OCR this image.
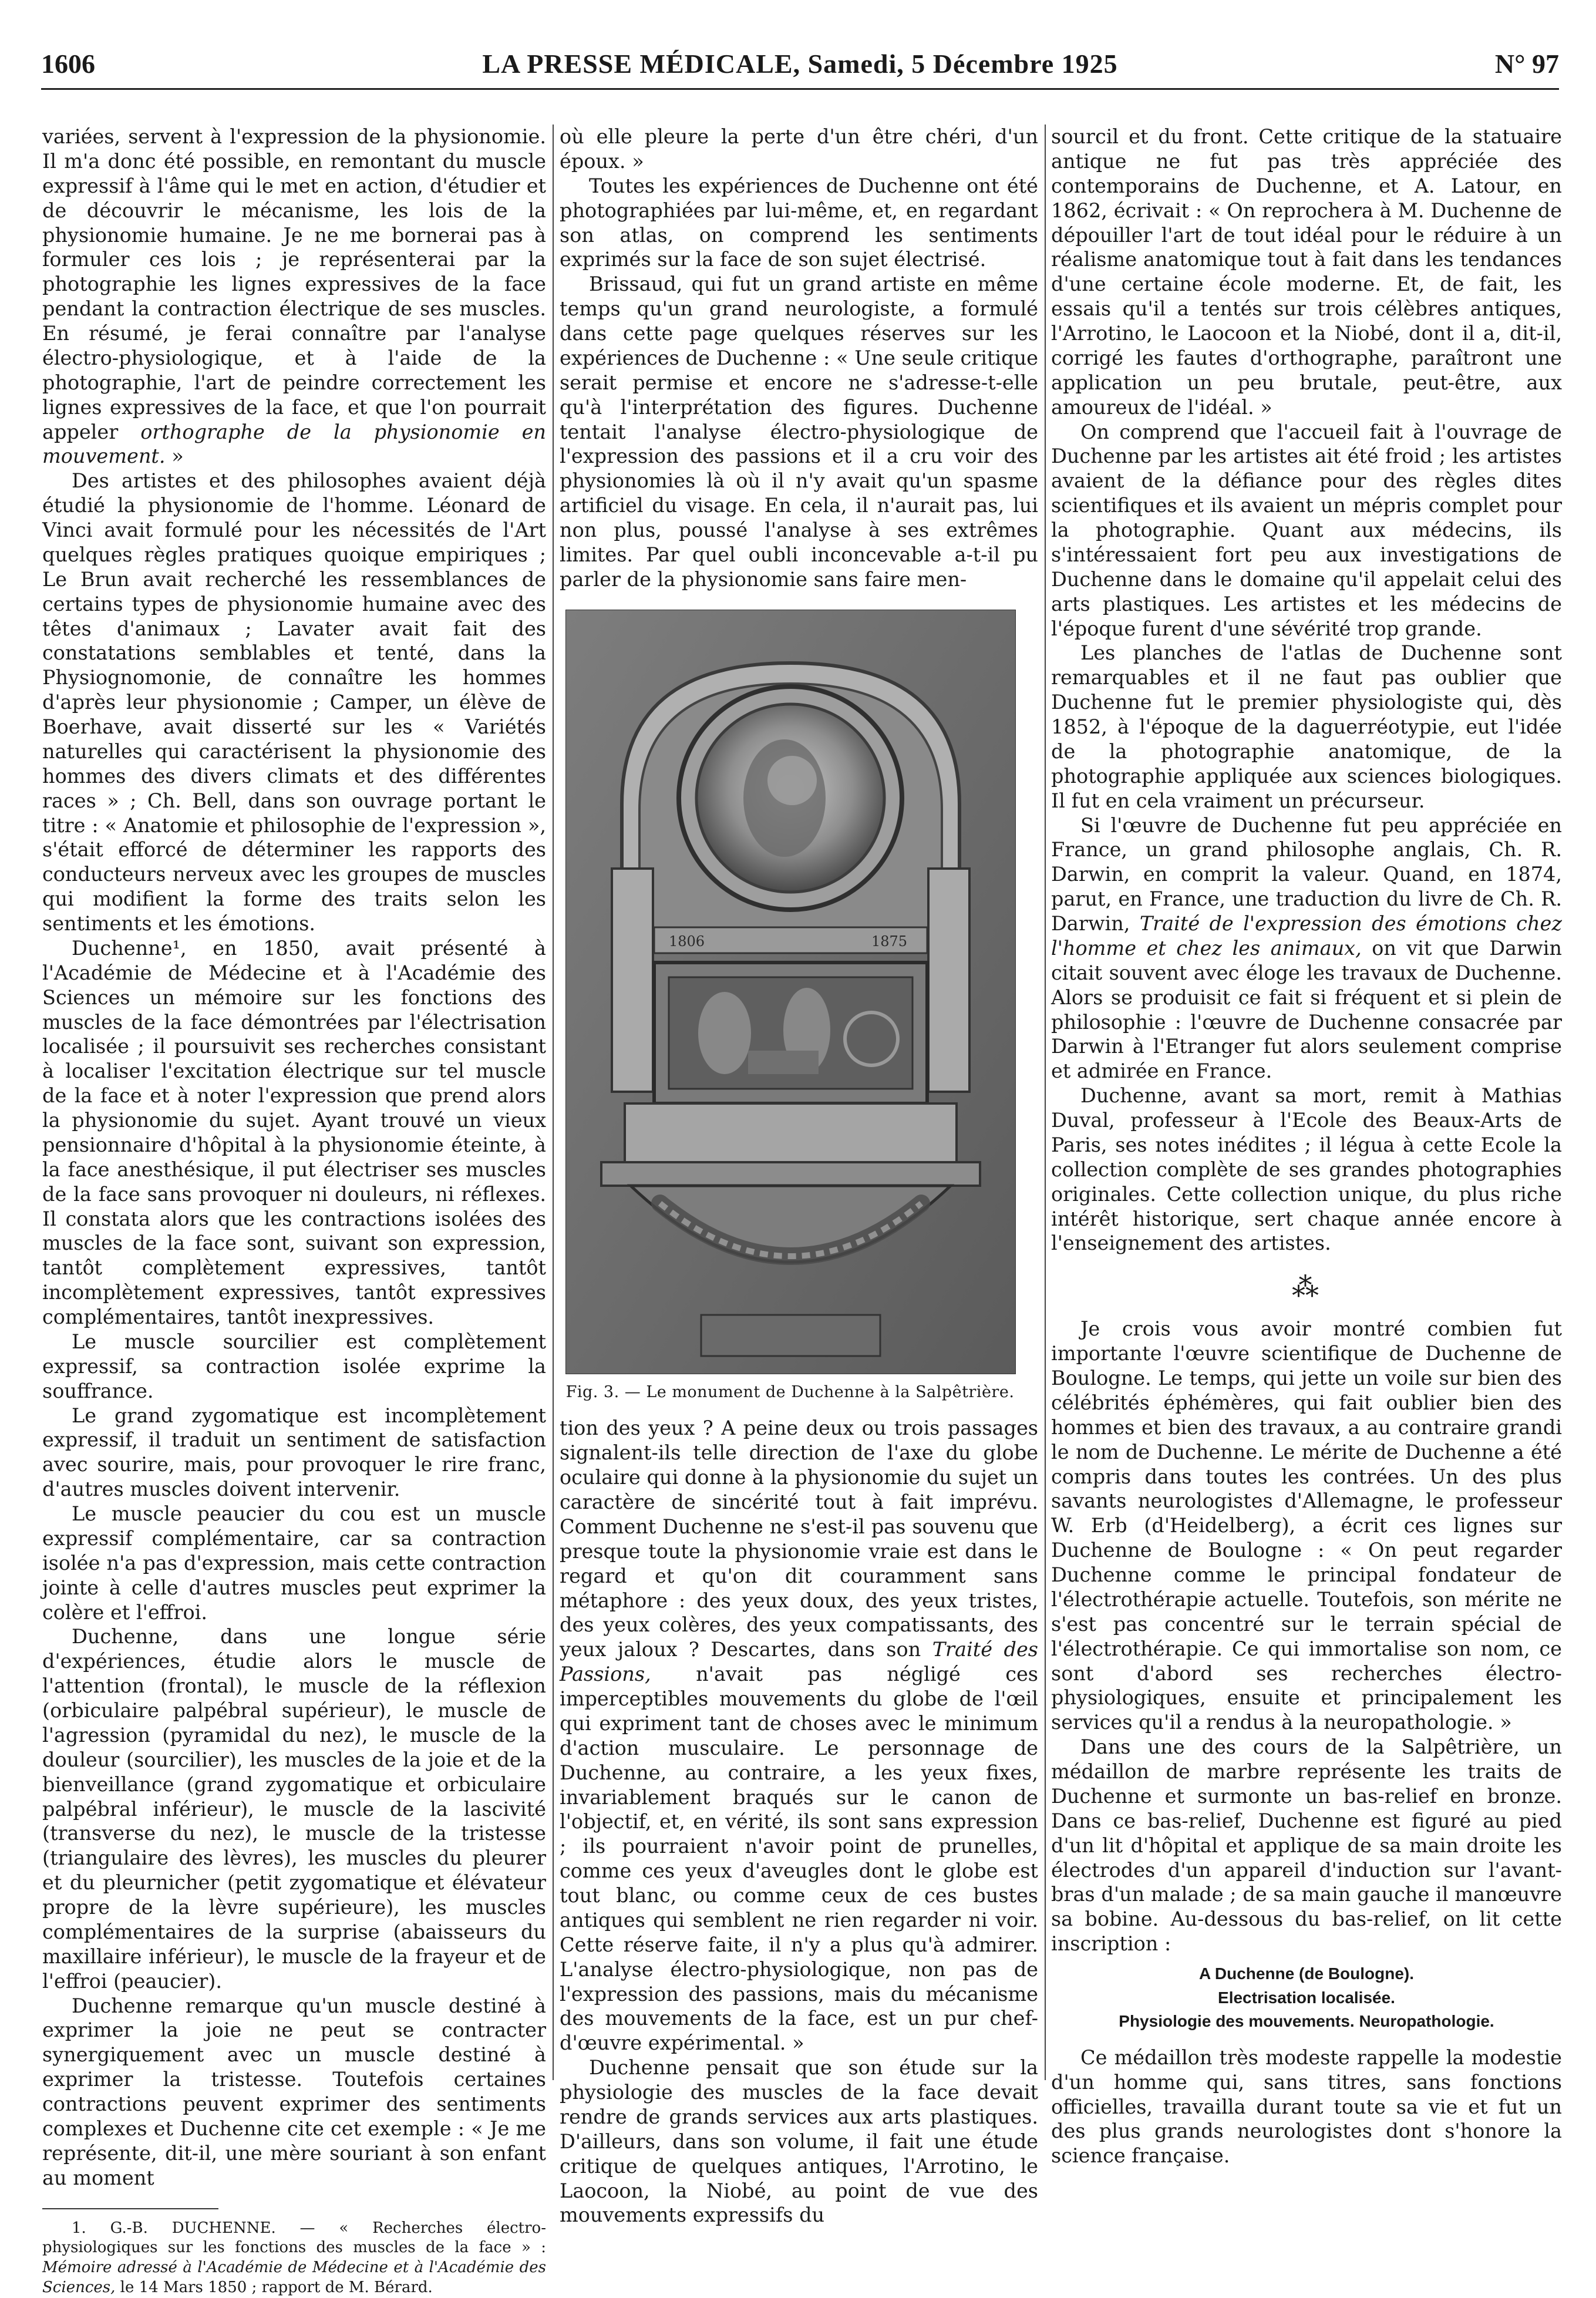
1606	LA PRESSE MÉDICALE, Samedi, 5 Décembre 1925	N° 97

variées, servent à l'expression de la physionomie. Il m'a donc été possible, en remontant du muscle expressif à l'âme qui le met en action, d'étudier et de découvrir le mécanisme, les lois de la physionomie humaine. Je ne me bornerai pas à formuler ces lois ; je représenterai par la photographie les lignes expressives de la face pendant la contraction électrique de ses muscles. En résumé, je ferai connaître par l'analyse électro-physiologique, et à l'aide de la photographie, l'art de peindre correctement les lignes expressives de la face, et que l'on pourrait appeler orthographe de la physionomie en mouvement. »

Des artistes et des philosophes avaient déjà étudié la physionomie de l'homme. Léonard de Vinci avait formulé pour les nécessités de l'Art quelques règles pratiques quoique empiriques ; Le Brun avait recherché les ressemblances de certains types de physionomie humaine avec des têtes d'animaux ; Lavater avait fait des constatations semblables et tenté, dans la Physiognomonie, de connaître les hommes d'après leur physionomie ; Camper, un élève de Boerhave, avait disserté sur les « Variétés naturelles qui caractérisent la physionomie des hommes des divers climats et des différentes races » ; Ch. Bell, dans son ouvrage portant le titre : « Anatomie et philosophie de l'expression », s'était efforcé de déterminer les rapports des conducteurs nerveux avec les groupes de muscles qui modifient la forme des traits selon les sentiments et les émotions.

Duchenne¹, en 1850, avait présenté à l'Académie de Médecine et à l'Académie des Sciences un mémoire sur les fonctions des muscles de la face démontrées par l'électrisation localisée ; il poursuivit ses recherches consistant à localiser l'excitation électrique sur tel muscle de la face et à noter l'expression que prend alors la physionomie du sujet. Ayant trouvé un vieux pensionnaire d'hôpital à la physionomie éteinte, à la face anesthésique, il put électriser ses muscles de la face sans provoquer ni douleurs, ni réflexes. Il constata alors que les contractions isolées des muscles de la face sont, suivant son expression, tantôt complètement expressives, tantôt incomplètement expressives, tantôt expressives complémentaires, tantôt inexpressives.

Le muscle sourcilier est complètement expressif, sa contraction isolée exprime la souffrance.

Le grand zygomatique est incomplètement expressif, il traduit un sentiment de satisfaction avec sourire, mais, pour provoquer le rire franc, d'autres muscles doivent intervenir.

Le muscle peaucier du cou est un muscle expressif complémentaire, car sa contraction isolée n'a pas d'expression, mais cette contraction jointe à celle d'autres muscles peut exprimer la colère et l'effroi.

Duchenne, dans une longue série d'expériences, étudie alors le muscle de l'attention (frontal), le muscle de la réflexion (orbiculaire palpébral supérieur), le muscle de l'agression (pyramidal du nez), le muscle de la douleur (sourcilier), les muscles de la joie et de la bienveillance (grand zygomatique et orbiculaire palpébral inférieur), le muscle de la lascivité (transverse du nez), le muscle de la tristesse (triangulaire des lèvres), les muscles du pleurer et du pleurnicher (petit zygomatique et élévateur propre de la lèvre supérieure), les muscles complémentaires de la surprise (abaisseurs du maxillaire inférieur), le muscle de la frayeur et de l'effroi (peaucier).

Duchenne remarque qu'un muscle destiné à exprimer la joie ne peut se contracter synergiquement avec un muscle destiné à exprimer la tristesse. Toutefois certaines contractions peuvent exprimer des sentiments complexes et Duchenne cite cet exemple : « Je me représente, dit-il, une mère souriant à son enfant au moment

1. G.-B. DUCHENNE. — « Recherches électro-physiologiques sur les fonctions des muscles de la face » : Mémoire adressé à l'Académie de Médecine et à l'Académie des Sciences, le 14 Mars 1850 ; rapport de M. Bérard.

où elle pleure la perte d'un être chéri, d'un époux. »

Toutes les expériences de Duchenne ont été photographiées par lui-même, et, en regardant son atlas, on comprend les sentiments exprimés sur la face de son sujet électrisé.

Brissaud, qui fut un grand artiste en même temps qu'un grand neurologiste, a formulé dans cette page quelques réserves sur les expériences de Duchenne : « Une seule critique serait permise et encore ne s'adresse-t-elle qu'à l'interprétation des figures. Duchenne tentait l'analyse électro-physiologique de l'expression des passions et il a cru voir des physionomies là où il n'y avait qu'un spasme artificiel du visage. En cela, il n'aurait pas, lui non plus, poussé l'analyse à ses extrêmes limites. Par quel oubli inconcevable a-t-il pu parler de la physionomie sans faire men-

1806	1875
Fig. 3. — Le monument de Duchenne à la Salpêtrière.

tion des yeux ? A peine deux ou trois passages signalent-ils telle direction de l'axe du globe oculaire qui donne à la physionomie du sujet un caractère de sincérité tout à fait imprévu. Comment Duchenne ne s'est-il pas souvenu que presque toute la physionomie vraie est dans le regard et qu'on dit couramment sans métaphore : des yeux doux, des yeux tristes, des yeux colères, des yeux compatissants, des yeux jaloux ? Descartes, dans son Traité des Passions, n'avait pas négligé ces imperceptibles mouvements du globe de l'œil qui expriment tant de choses avec le minimum d'action musculaire. Le personnage de Duchenne, au contraire, a les yeux fixes, invariablement braqués sur le canon de l'objectif, et, en vérité, ils sont sans expression ; ils pourraient n'avoir point de prunelles, comme ces yeux d'aveugles dont le globe est tout blanc, ou comme ceux de ces bustes antiques qui semblent ne rien regarder ni voir. Cette réserve faite, il n'y a plus qu'à admirer. L'analyse électro-physiologique, non pas de l'expression des passions, mais du mécanisme des mouvements de la face, est un pur chef-d'œuvre expérimental. »

Duchenne pensait que son étude sur la physiologie des muscles de la face devait rendre de grands services aux arts plastiques. D'ailleurs, dans son volume, il fait une étude critique de quelques antiques, l'Arrotino, le Laocoon, la Niobé, au point de vue des mouvements expressifs du

sourcil et du front. Cette critique de la statuaire antique ne fut pas très appréciée des contemporains de Duchenne, et A. Latour, en 1862, écrivait : « On reprochera à M. Duchenne de dépouiller l'art de tout idéal pour le réduire à un réalisme anatomique tout à fait dans les tendances d'une certaine école moderne. Et, de fait, les essais qu'il a tentés sur trois célèbres antiques, l'Arrotino, le Laocoon et la Niobé, dont il a, dit-il, corrigé les fautes d'orthographe, paraîtront une application un peu brutale, peut-être, aux amoureux de l'idéal. »

On comprend que l'accueil fait à l'ouvrage de Duchenne par les artistes ait été froid ; les artistes avaient de la défiance pour des règles dites scientifiques et ils avaient un mépris complet pour la photographie. Quant aux médecins, ils s'intéressaient fort peu aux investigations de Duchenne dans le domaine qu'il appelait celui des arts plastiques. Les artistes et les médecins de l'époque furent d'une sévérité trop grande.

Les planches de l'atlas de Duchenne sont remarquables et il ne faut pas oublier que Duchenne fut le premier physiologiste qui, dès 1852, à l'époque de la daguerréotypie, eut l'idée de la photographie anatomique, de la photographie appliquée aux sciences biologiques. Il fut en cela vraiment un précurseur.

Si l'œuvre de Duchenne fut peu appréciée en France, un grand philosophe anglais, Ch. R. Darwin, en comprit la valeur. Quand, en 1874, parut, en France, une traduction du livre de Ch. R. Darwin, Traité de l'expression des émotions chez l'homme et chez les animaux, on vit que Darwin citait souvent avec éloge les travaux de Duchenne. Alors se produisit ce fait si fréquent et si plein de philosophie : l'œuvre de Duchenne consacrée par Darwin à l'Etranger fut alors seulement comprise et admirée en France.

Duchenne, avant sa mort, remit à Mathias Duval, professeur à l'Ecole des Beaux-Arts de Paris, ses notes inédites ; il légua à cette Ecole la collection complète de ses grandes photographies originales. Cette collection unique, du plus riche intérêt historique, sert chaque année encore à l'enseignement des artistes.

⁂

Je crois vous avoir montré combien fut importante l'œuvre scientifique de Duchenne de Boulogne. Le temps, qui jette un voile sur bien des célébrités éphémères, qui fait oublier bien des hommes et bien des travaux, a au contraire grandi le nom de Duchenne. Le mérite de Duchenne a été compris dans toutes les contrées. Un des plus savants neurologistes d'Allemagne, le professeur W. Erb (d'Heidelberg), a écrit ces lignes sur Duchenne de Boulogne : « On peut regarder Duchenne comme le principal fondateur de l'électrothérapie actuelle. Toutefois, son mérite ne s'est pas concentré sur le terrain spécial de l'électrothérapie. Ce qui immortalise son nom, ce sont d'abord ses recherches électro-physiologiques, ensuite et principalement les services qu'il a rendus à la neuropathologie. »

Dans une des cours de la Salpêtrière, un médaillon de marbre représente les traits de Duchenne et surmonte un bas-relief en bronze. Dans ce bas-relief, Duchenne est figuré au pied d'un lit d'hôpital et applique de sa main droite les électrodes d'un appareil d'induction sur l'avant-bras d'un malade ; de sa main gauche il manœuvre sa bobine. Au-dessous du bas-relief, on lit cette inscription :

A Duchenne (de Boulogne).
Electrisation localisée.
Physiologie des mouvements. Neuropathologie.

Ce médaillon très modeste rappelle la modestie d'un homme qui, sans titres, sans fonctions officielles, travailla durant toute sa vie et fut un des plus grands neurologistes dont s'honore la science française.
